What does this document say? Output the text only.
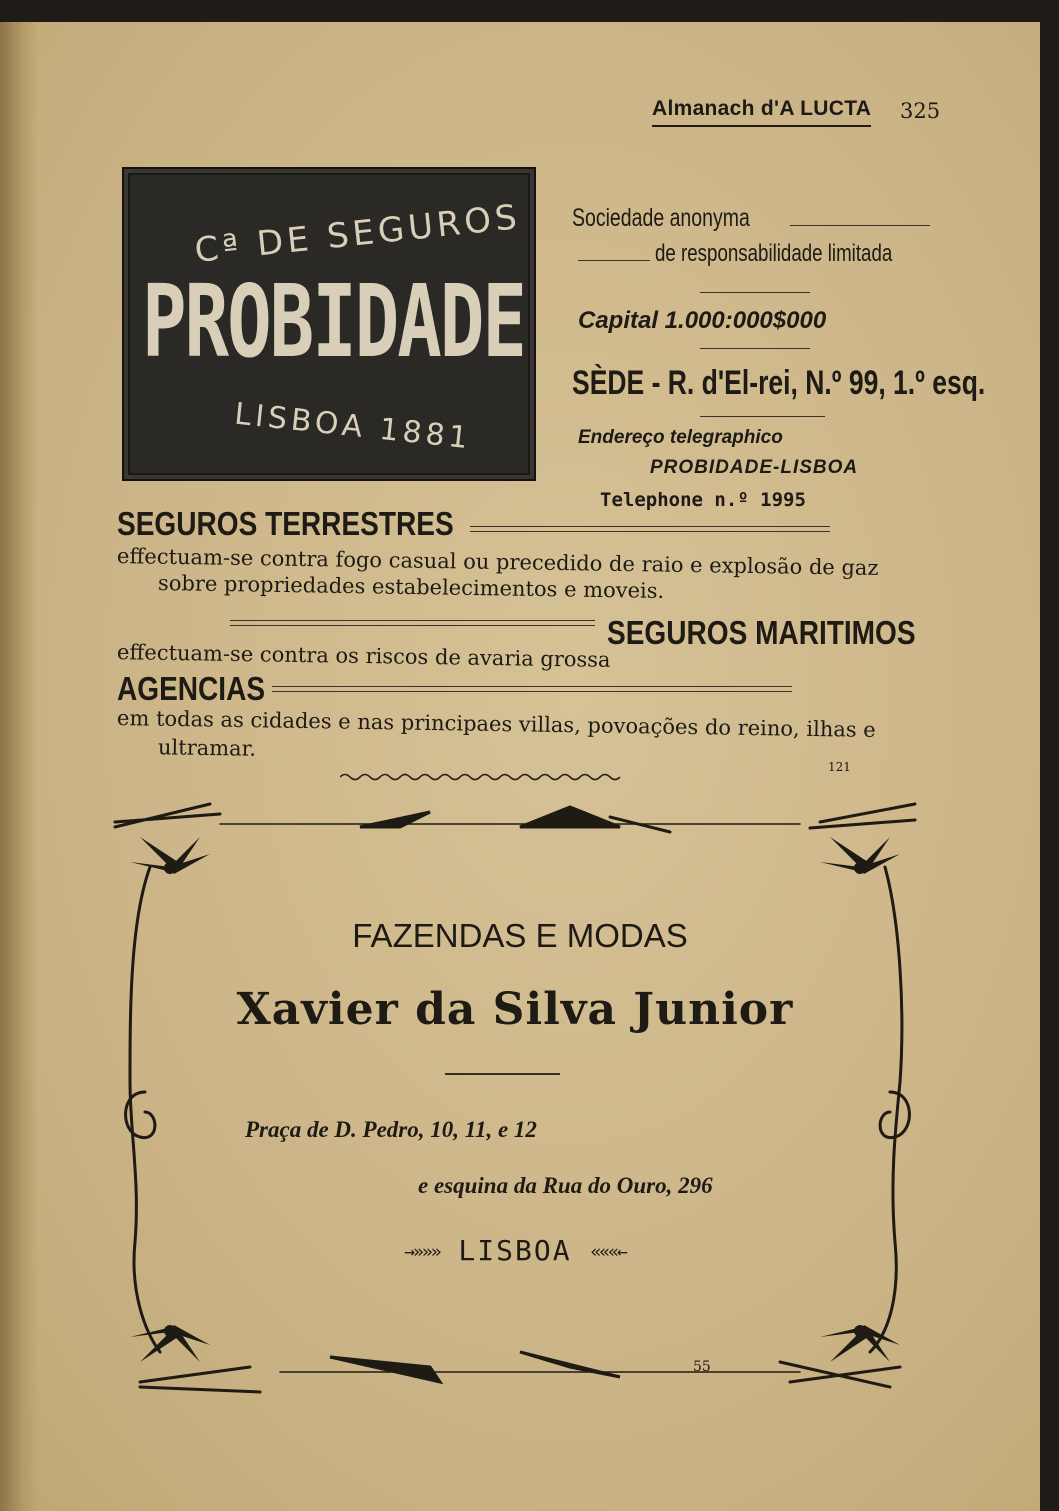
Almanach d'A LUCTA 325

Cª DE SEGUROS

PROBIDADE

LISBOA 1881

Sociedade anonyma

de responsabilidade limitada

Capital 1.000:000$000

SÈDE - R. d'El-rei, N.º 99, 1.º esq.

Endereço telegraphico

PROBIDADE-LISBOA

Telephone n.º 1995

SEGUROS TERRESTRES

effectuam-se contra fogo casual ou precedido de raio e explosão de gaz

sobre propriedades estabelecimentos e moveis.

SEGUROS MARITIMOS

effectuam-se contra os riscos de avaria grossa

AGENCIAS

em todas as cidades e nas principaes villas, povoações do reino, ilhas e

ultramar.

121

FAZENDAS E MODAS

Xavier da Silva Junior

Praça de D. Pedro, 10, 11, e 12

e esquina da Rua do Ouro, 296

→»»» LISBOA «««←

55
